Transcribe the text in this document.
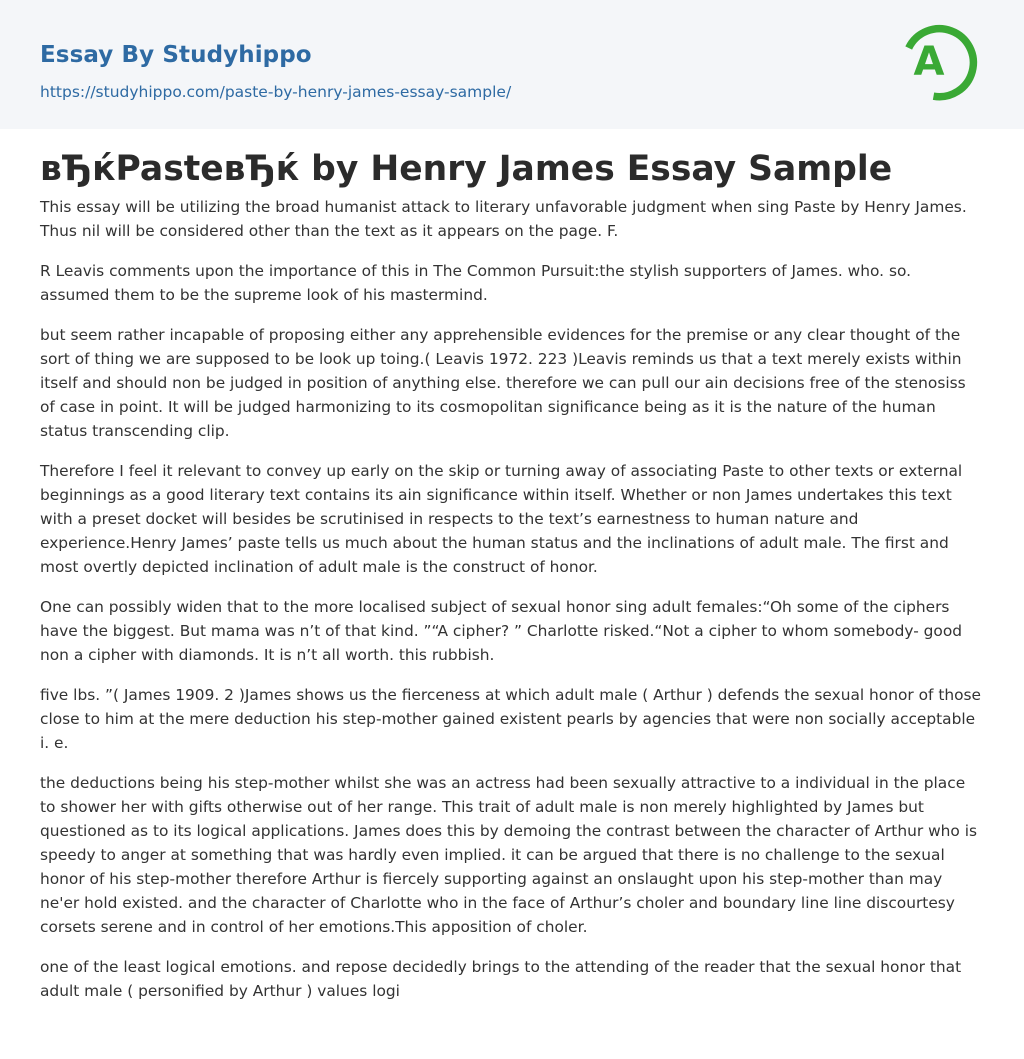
Essay By Studyhippo
https://studyhippo.com/paste-by-henry-james-essay-sample/
A
вЂќPasteвЂќ by Henry James Essay Sample

This essay will be utilizing the broad humanist attack to literary unfavorable judgment when sing Paste by Henry James. Thus nil will be considered other than the text as it appears on the page. F.

R Leavis comments upon the importance of this in The Common Pursuit:the stylish supporters of James. who. so. assumed them to be the supreme look of his mastermind.

but seem rather incapable of proposing either any apprehensible evidences for the premise or any clear thought of the sort of thing we are supposed to be look up toing.( Leavis 1972. 223 )Leavis reminds us that a text merely exists within itself and should non be judged in position of anything else. therefore we can pull our ain decisions free of the stenosiss of case in point. It will be judged harmonizing to its cosmopolitan significance being as it is the nature of the human status transcending clip.

Therefore I feel it relevant to convey up early on the skip or turning away of associating Paste to other texts or external beginnings as a good literary text contains its ain significance within itself. Whether or non James undertakes this text with a preset docket will besides be scrutinised in respects to the text’s earnestness to human nature and experience.Henry James’ paste tells us much about the human status and the inclinations of adult male. The first and most overtly depicted inclination of adult male is the construct of honor.

One can possibly widen that to the more localised subject of sexual honor sing adult females:“Oh some of the ciphers have the biggest. But mama was n’t of that kind. ”“A cipher? ” Charlotte risked.“Not a cipher to whom somebody- good non a cipher with diamonds. It is n’t all worth. this rubbish.

five lbs. ”( James 1909. 2 )James shows us the fierceness at which adult male ( Arthur ) defends the sexual honor of those close to him at the mere deduction his step-mother gained existent pearls by agencies that were non socially acceptable i. e.

the deductions being his step-mother whilst she was an actress had been sexually attractive to a individual in the place to shower her with gifts otherwise out of her range. This trait of adult male is non merely highlighted by James but questioned as to its logical applications. James does this by demoing the contrast between the character of Arthur who is speedy to anger at something that was hardly even implied. it can be argued that there is no challenge to the sexual honor of his step-mother therefore Arthur is fiercely supporting against an onslaught upon his step-mother than may ne'er hold existed. and the character of Charlotte who in the face of Arthur’s choler and boundary line line discourtesy corsets serene and in control of her emotions.This apposition of choler.

one of the least logical emotions. and repose decidedly brings to the attending of the reader that the sexual honor that adult male ( personified by Arthur ) values logi
